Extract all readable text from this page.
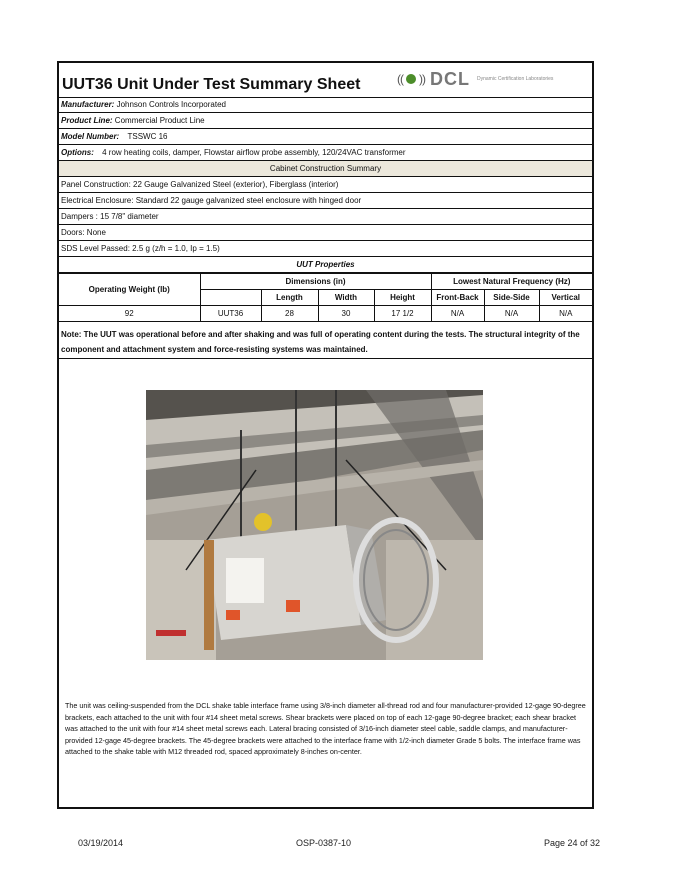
UUT36 Unit Under Test Summary Sheet	(( )) DCL Dynamic Certification Laboratories
Manufacturer: Johnson Controls Incorporated
Product Line: Commercial Product Line
Model Number: TSSWC 16
Options: 4 row heating coils, damper, Flowstar airflow probe assembly, 120/24VAC transformer
Cabinet Construction Summary
Panel Construction: 22 Gauge Galvanized Steel (exterior), Fiberglass (interior)
Electrical Enclosure: Standard 22 gauge galvanized steel enclosure with hinged door
Dampers : 15 7/8" diameter
Doors: None
SDS Level Passed: 2.5 g (z/h = 1.0, Ip = 1.5)
UUT Properties
Operating Weight (lb)	Dimensions (in)				Lowest Natural Frequency (Hz)		
		Length	Width	Height	Front-Back	Side-Side	Vertical
92	UUT36	28	30	17 1/2	N/A	N/A	N/A
Note: The UUT was operational before and after shaking and was full of operating content during the tests. The structural integrity of the component and attachment system and force-resisting systems was maintained.
The unit was ceiling-suspended from the DCL shake table interface frame using 3/8-inch diameter all-thread rod and four manufacturer-provided 12-gage 90-degree brackets, each attached to the unit with four #14 sheet metal screws. Shear brackets were placed on top of each 12-gage 90-degree bracket; each shear bracket was attached to the unit with four #14 sheet metal screws each. Lateral bracing consisted of 3/16-inch diameter steel cable, saddle clamps, and manufacturer-provided 12-gage 45-degree brackets. The 45-degree brackets were attached to the interface frame with 1/2-inch diameter Grade 5 bolts. The interface frame was attached to the shake table with M12 threaded rod, spaced approximately 8-inches on-center.
03/19/2014	OSP-0387-10	Page 24 of 32
